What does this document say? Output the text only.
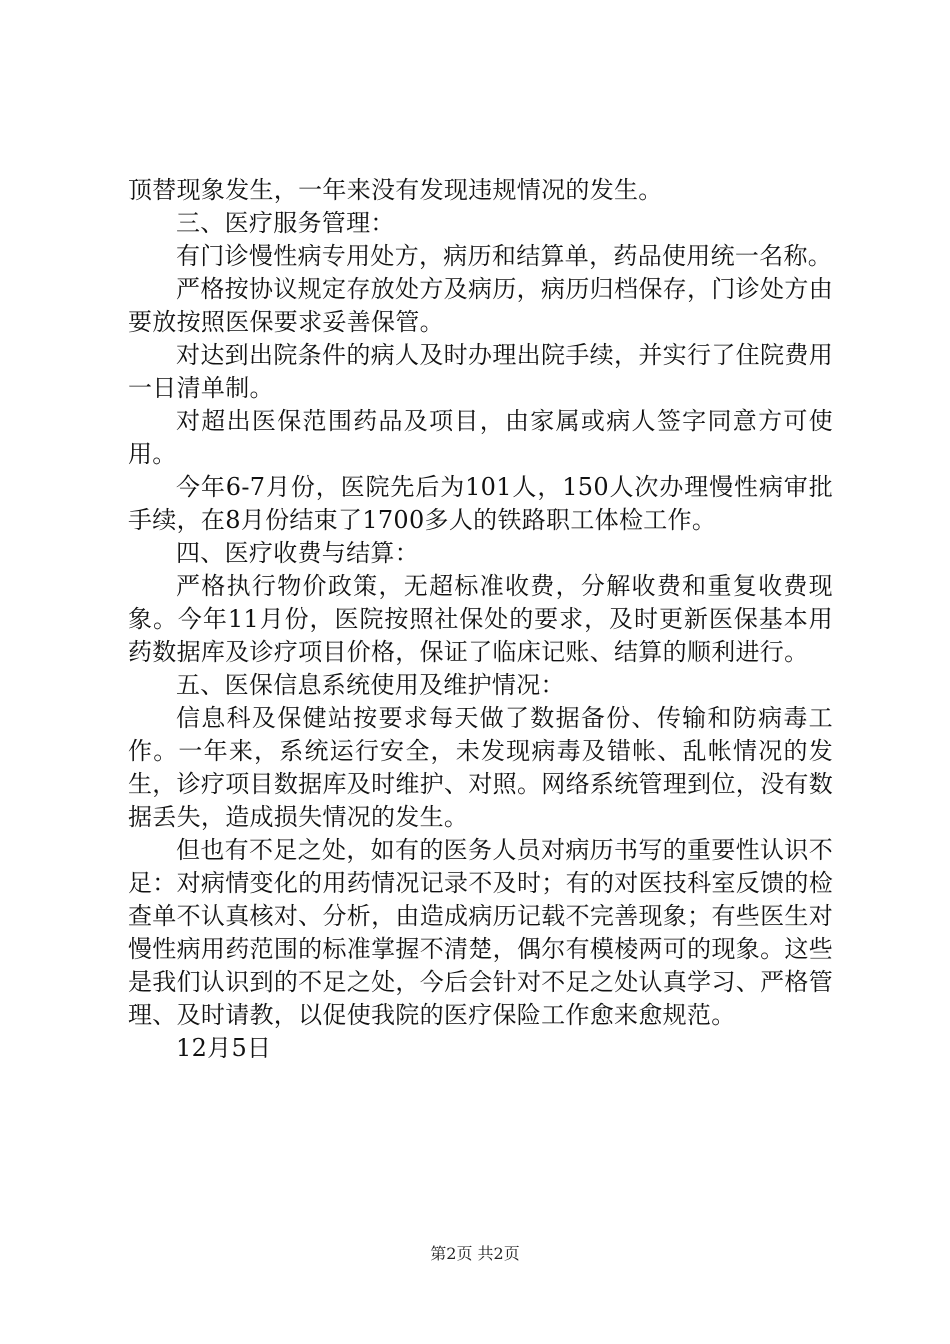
顶替现象发生，一年来没有发现违规情况的发生。

三、医疗服务管理：

有门诊慢性病专用处方，病历和结算单，药品使用统一名称。

严格按协议规定存放处方及病历，病历归档保存，门诊处方由要放按照医保要求妥善保管。

对达到出院条件的病人及时办理出院手续，并实行了住院费用一日清单制。

对超出医保范围药品及项目，由家属或病人签字同意方可使用。

今年6-7月份，医院先后为101人，150人次办理慢性病审批手续，在8月份结束了1700多人的铁路职工体检工作。

四、医疗收费与结算：

严格执行物价政策，无超标准收费，分解收费和重复收费现象。今年11月份，医院按照社保处的要求，及时更新医保基本用药数据库及诊疗项目价格，保证了临床记账、结算的顺利进行。

五、医保信息系统使用及维护情况：

信息科及保健站按要求每天做了数据备份、传输和防病毒工作。一年来，系统运行安全，未发现病毒及错帐、乱帐情况的发生，诊疗项目数据库及时维护、对照。网络系统管理到位，没有数据丢失，造成损失情况的发生。

但也有不足之处，如有的医务人员对病历书写的重要性认识不足：对病情变化的用药情况记录不及时；有的对医技科室反馈的检查单不认真核对、分析，由造成病历记载不完善现象；有些医生对慢性病用药范围的标准掌握不清楚，偶尔有模棱两可的现象。这些是我们认识到的不足之处，今后会针对不足之处认真学习、严格管理、及时请教，以促使我院的医疗保险工作愈来愈规范。

12月5日

第2页 共2页
